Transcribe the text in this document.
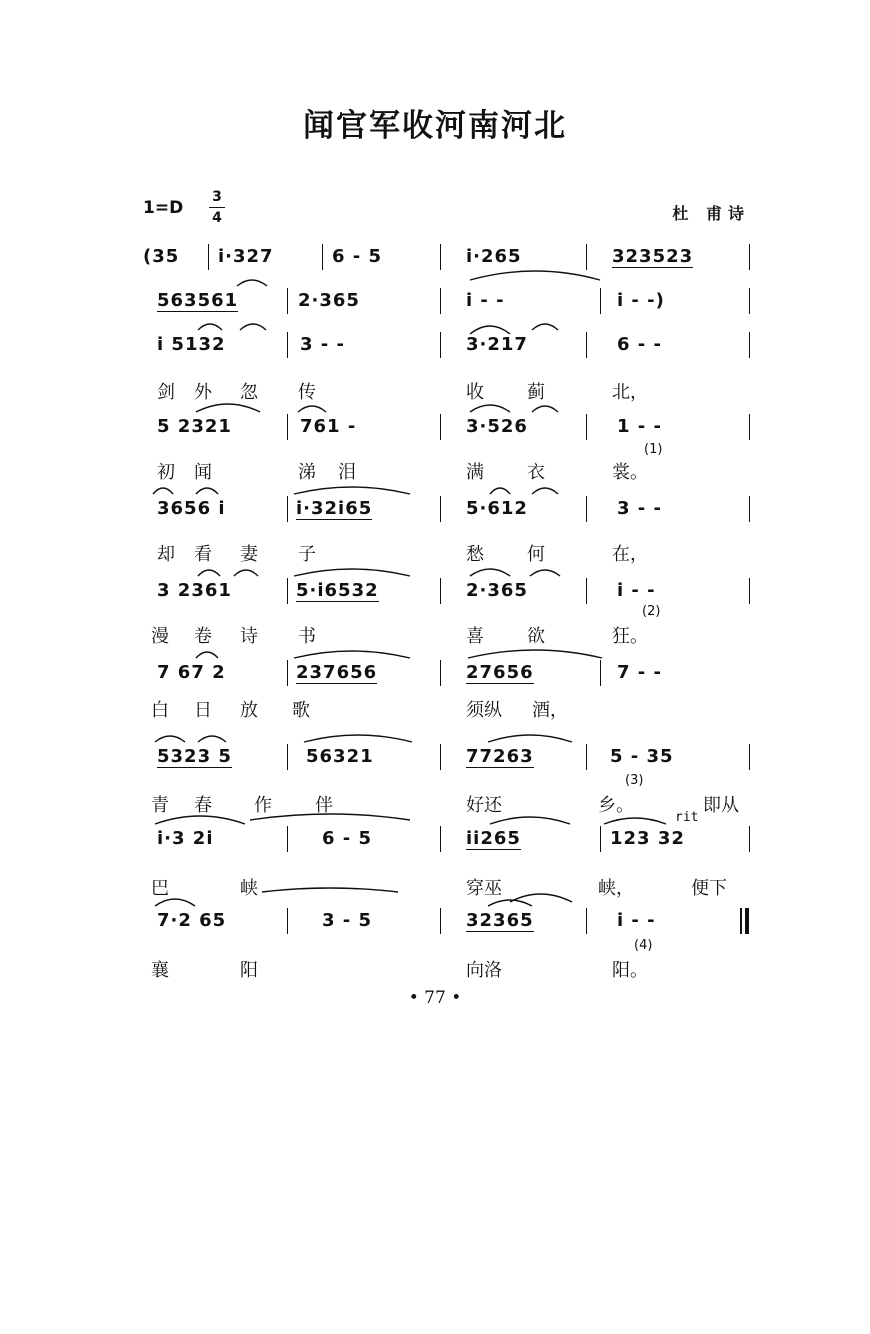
闻官军收河南河北
1=D
3
4	杜 甫诗
(35 i·327	6 - 5	i·265	323523
563561	2·365	i - -	i - -)
i 5132	3 - -	3·217	6 - -
剑 外 忽 传	收 蓟	北，
5 2321	761 -	3·526	1 - -
初 闻	涕 泪	满 衣	裳。
(1)
3656 i	i·32i65	5·612	3 - -
却 看 妻 子	愁 何	在，
3 2361	5·i6532	2·365	i - -
漫 卷 诗 书	喜 欲	狂。
(2)
7 67 2	237656	27656	7 - -
白 日 放 歌	须纵 酒，
5323 5	56321	77263	5 - 35
青 春 作 伴	好还	乡。	即从
(3)
i·3 2i	6 - 5	ii265	123 32
rit
巴	峡	穿巫	峡，	便下
7·2 65	3 - 5	32365	i - -
襄	阳	向洛	阳。
(4)
• 77 •
